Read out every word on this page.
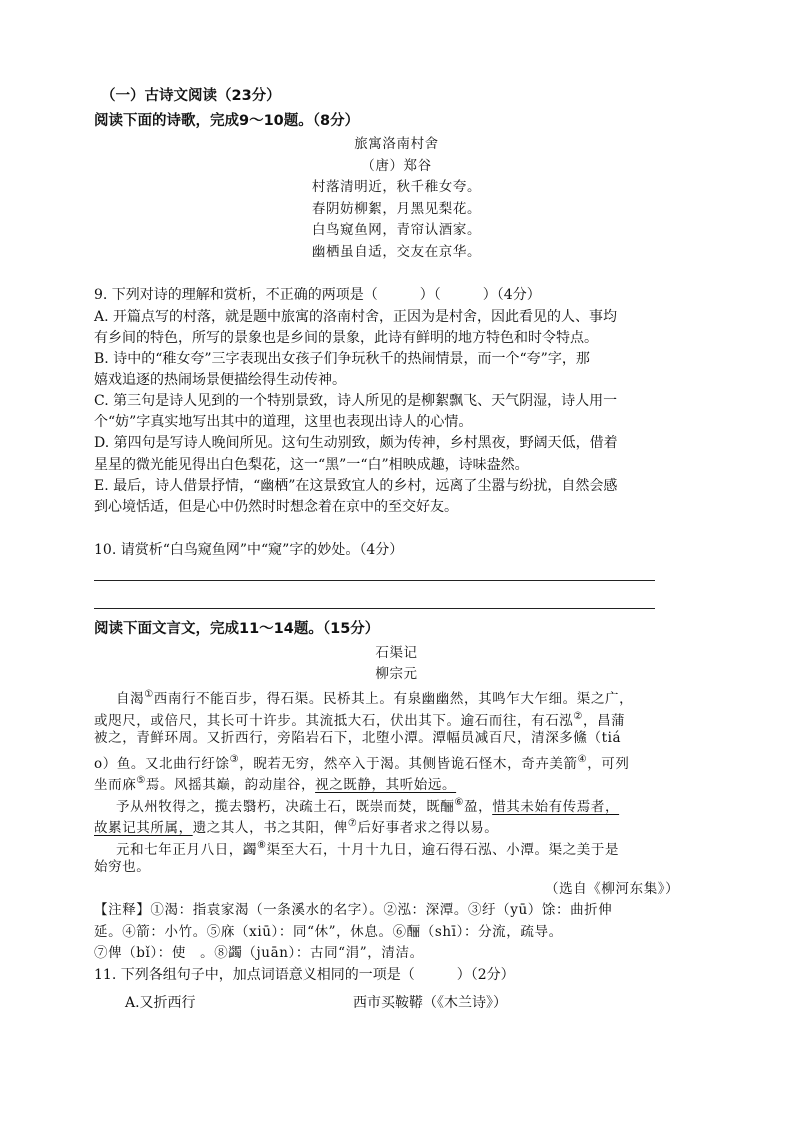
（一）古诗文阅读（23分）
阅读下面的诗歌，完成9～10题。（8分）
旅寓洛南村舍
（唐）郑谷
村落清明近，秋千稚女夸。
春阴妨柳絮，月黑见梨花。
白鸟窥鱼网，青帘认酒家。
幽栖虽自适，交友在京华。
9. 下列对诗的理解和赏析，不正确的两项是（　　　）（　　　）（4分）
A. 开篇点写的村落，就是题中旅寓的洛南村舍，正因为是村舍，因此看见的人、事均
有乡间的特色，所写的景象也是乡间的景象，此诗有鲜明的地方特色和时令特点。
B. 诗中的“稚女夸”三字表现出女孩子们争玩秋千的热闹情景，而一个“夸”字，那
嬉戏追逐的热闹场景便描绘得生动传神。
C. 第三句是诗人见到的一个特别景致，诗人所见的是柳絮飘飞、天气阴湿，诗人用一
个“妨”字真实地写出其中的道理，这里也表现出诗人的心情。
D. 第四句是写诗人晚间所见。这句生动别致，颇为传神，乡村黑夜，野阔天低，借着
星星的微光能见得出白色梨花，这一“黑”一“白”相映成趣，诗味盎然。
E. 最后，诗人借景抒情，“幽栖”在这景致宜人的乡村，远离了尘嚣与纷扰，自然会感
到心境恬适，但是心中仍然时时想念着在京中的至交好友。
10. 请赏析“白鸟窥鱼网”中“窥”字的妙处。（4分）
阅读下面文言文，完成11～14题。（15分）
石渠记
柳宗元
自渴①西南行不能百步，得石渠。民桥其上。有泉幽幽然，其鸣乍大乍细。渠之广，
或咫尺，或倍尺，其长可十许步。其流抵大石，伏出其下。逾石而往，有石泓②，昌蒲
被之，青鲜环周。又折西行，旁陷岩石下，北堕小潭。潭幅员减百尺，清深多鯈（tiá
o）鱼。又北曲行纡馀③，睨若无穷，然卒入于渴。其侧皆诡石怪木，奇卉美箭④，可列
坐而庥⑤焉。风摇其巅，韵动崖谷，视之既静，其听始远。
予从州牧得之，揽去翳朽，决疏土石，既崇而焚，既酾⑥盈，惜其未始有传焉者，
故累记其所属，遗之其人，书之其阳，俾⑦后好事者求之得以易。
元和七年正月八日，蠲⑧渠至大石，十月十九日，逾石得石泓、小潭。渠之美于是
始穷也。
（选自《柳河东集》）
【注释】①渴：指袁家渴（一条溪水的名字）。②泓：深潭。③纡（yū）馀：曲折伸
延。④箭：小竹。⑤庥（xiū）：同“休”，休息。⑥酾（shī）：分流，疏导。
⑦俾（bǐ）：使　。⑧蠲（juān）：古同“涓”，清洁。
11. 下列各组句子中，加点词语意义相同的一项是（　　　）（2分）
A.又折西行	西市买鞍鞯（《木兰诗》）
